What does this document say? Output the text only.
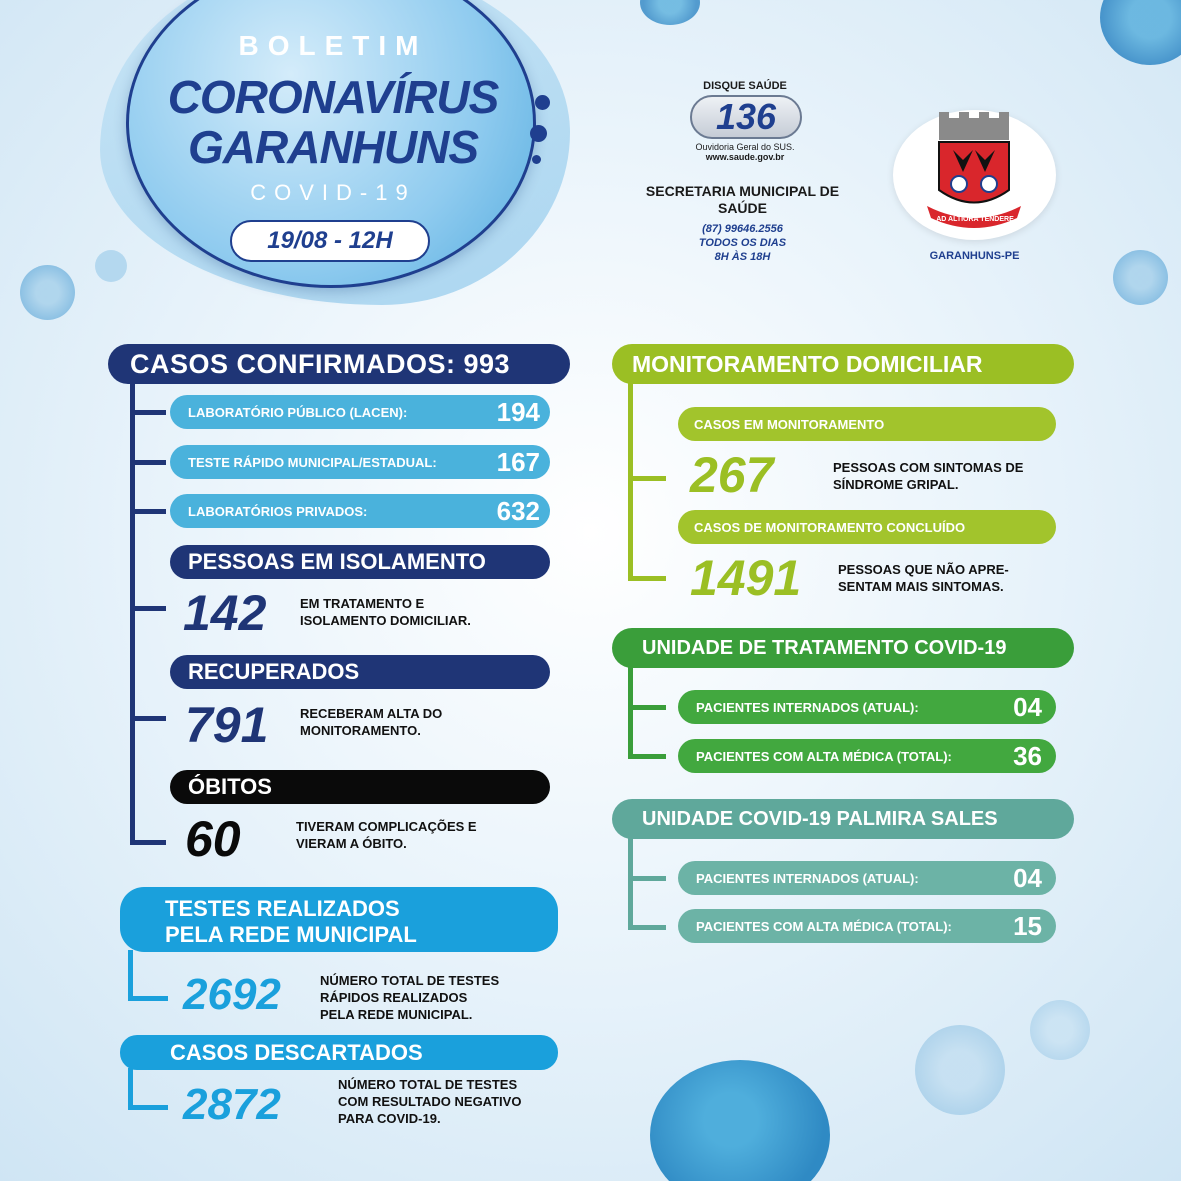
BOLETIM
CORONAVÍRUS
GARANHUNS
COVID-19
19/08 - 12H
DISQUE SAÚDE
136
Ouvidoria Geral do SUS.
www.saude.gov.br
SECRETARIA MUNICIPAL DE SAÚDE
(87) 99646.2556
TODOS OS DIAS
8H ÀS 18H
AD ALTIORA TENDERE
GARANHUNS-PE
CASOS CONFIRMADOS: 993
LABORATÓRIO PÚBLICO (LACEN):	194
TESTE RÁPIDO MUNICIPAL/ESTADUAL: 167
LABORATÓRIOS PRIVADOS:	632
PESSOAS EM ISOLAMENTO
142	EM TRATAMENTO E
ISOLAMENTO DOMICILIAR.
RECUPERADOS
791 RECEBERAM ALTA DO
MONITORAMENTO.
ÓBITOS
60	TIVERAM COMPLICAÇÕES E
VIERAM A ÓBITO.
TESTES REALIZADOS
PELA REDE MUNICIPAL
2692	NÚMERO TOTAL DE TESTES
RÁPIDOS REALIZADOS
PELA REDE MUNICIPAL.
CASOS DESCARTADOS
2872	NÚMERO TOTAL DE TESTES
COM RESULTADO NEGATIVO
PARA COVID-19.
MONITORAMENTO DOMICILIAR
CASOS EM MONITORAMENTO
267	PESSOAS COM SINTOMAS DE
SÍNDROME GRIPAL.
CASOS DE MONITORAMENTO CONCLUÍDO
1491	PESSOAS QUE NÃO APRE-
SENTAM MAIS SINTOMAS.
UNIDADE DE TRATAMENTO COVID-19
PACIENTES INTERNADOS (ATUAL):	04
PACIENTES COM ALTA MÉDICA (TOTAL): 36
UNIDADE COVID-19 PALMIRA SALES
PACIENTES INTERNADOS (ATUAL):	04
PACIENTES COM ALTA MÉDICA (TOTAL): 15
